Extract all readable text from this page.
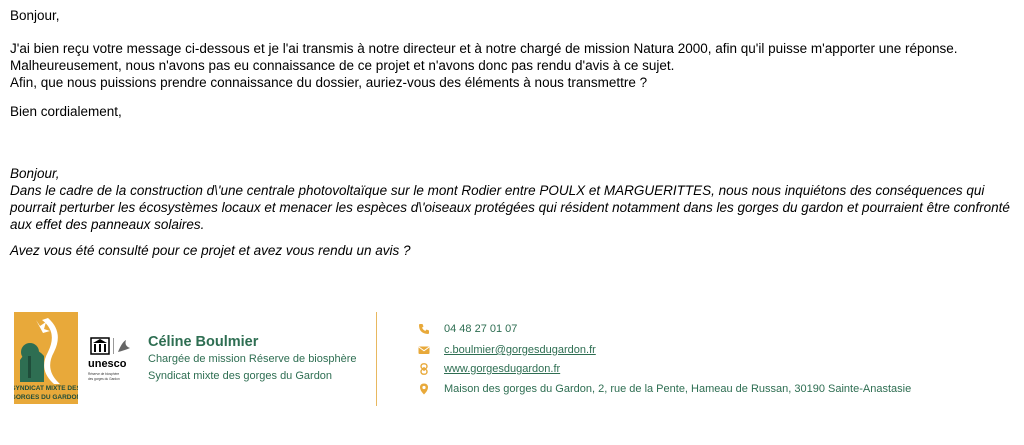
Bonjour,

J'ai bien reçu votre message ci-dessous et je l'ai transmis à notre directeur et à notre chargé de mission Natura 2000, afin qu'il puisse m'apporter une réponse.

Malheureusement, nous n'avons pas eu connaissance de ce projet et n'avons donc pas rendu d'avis à ce sujet.

Afin, que nous puissions prendre connaissance du dossier, auriez-vous des éléments à nous transmettre ?

Bien cordialement,

Bonjour,

Dans le cadre de la construction d\'une centrale photovoltaïque sur le mont Rodier entre POULX et MARGUERITTES, nous nous inquiétons des conséquences qui pourrait perturber les écosystèmes locaux et menacer les espèces d\'oiseaux protégées qui résident notamment dans les gorges du gardon et pourraient être confronté aux effet des panneaux solaires.

Avez vous été consulté pour ce projet et avez vous rendu un avis ?

SYNDICAT MIXTE DES
GORGES DU GARDON
unesco
Réserve de biosphère
des gorges du Gardon
Céline Boulmier
Chargée de mission Réserve de biosphère
Syndicat mixte des gorges du Gardon
04 48 27 01 07
c.boulmier@gorgesdugardon.fr
www.gorgesdugardon.fr
Maison des gorges du Gardon, 2, rue de la Pente, Hameau de Russan, 30190 Sainte-Anastasie
